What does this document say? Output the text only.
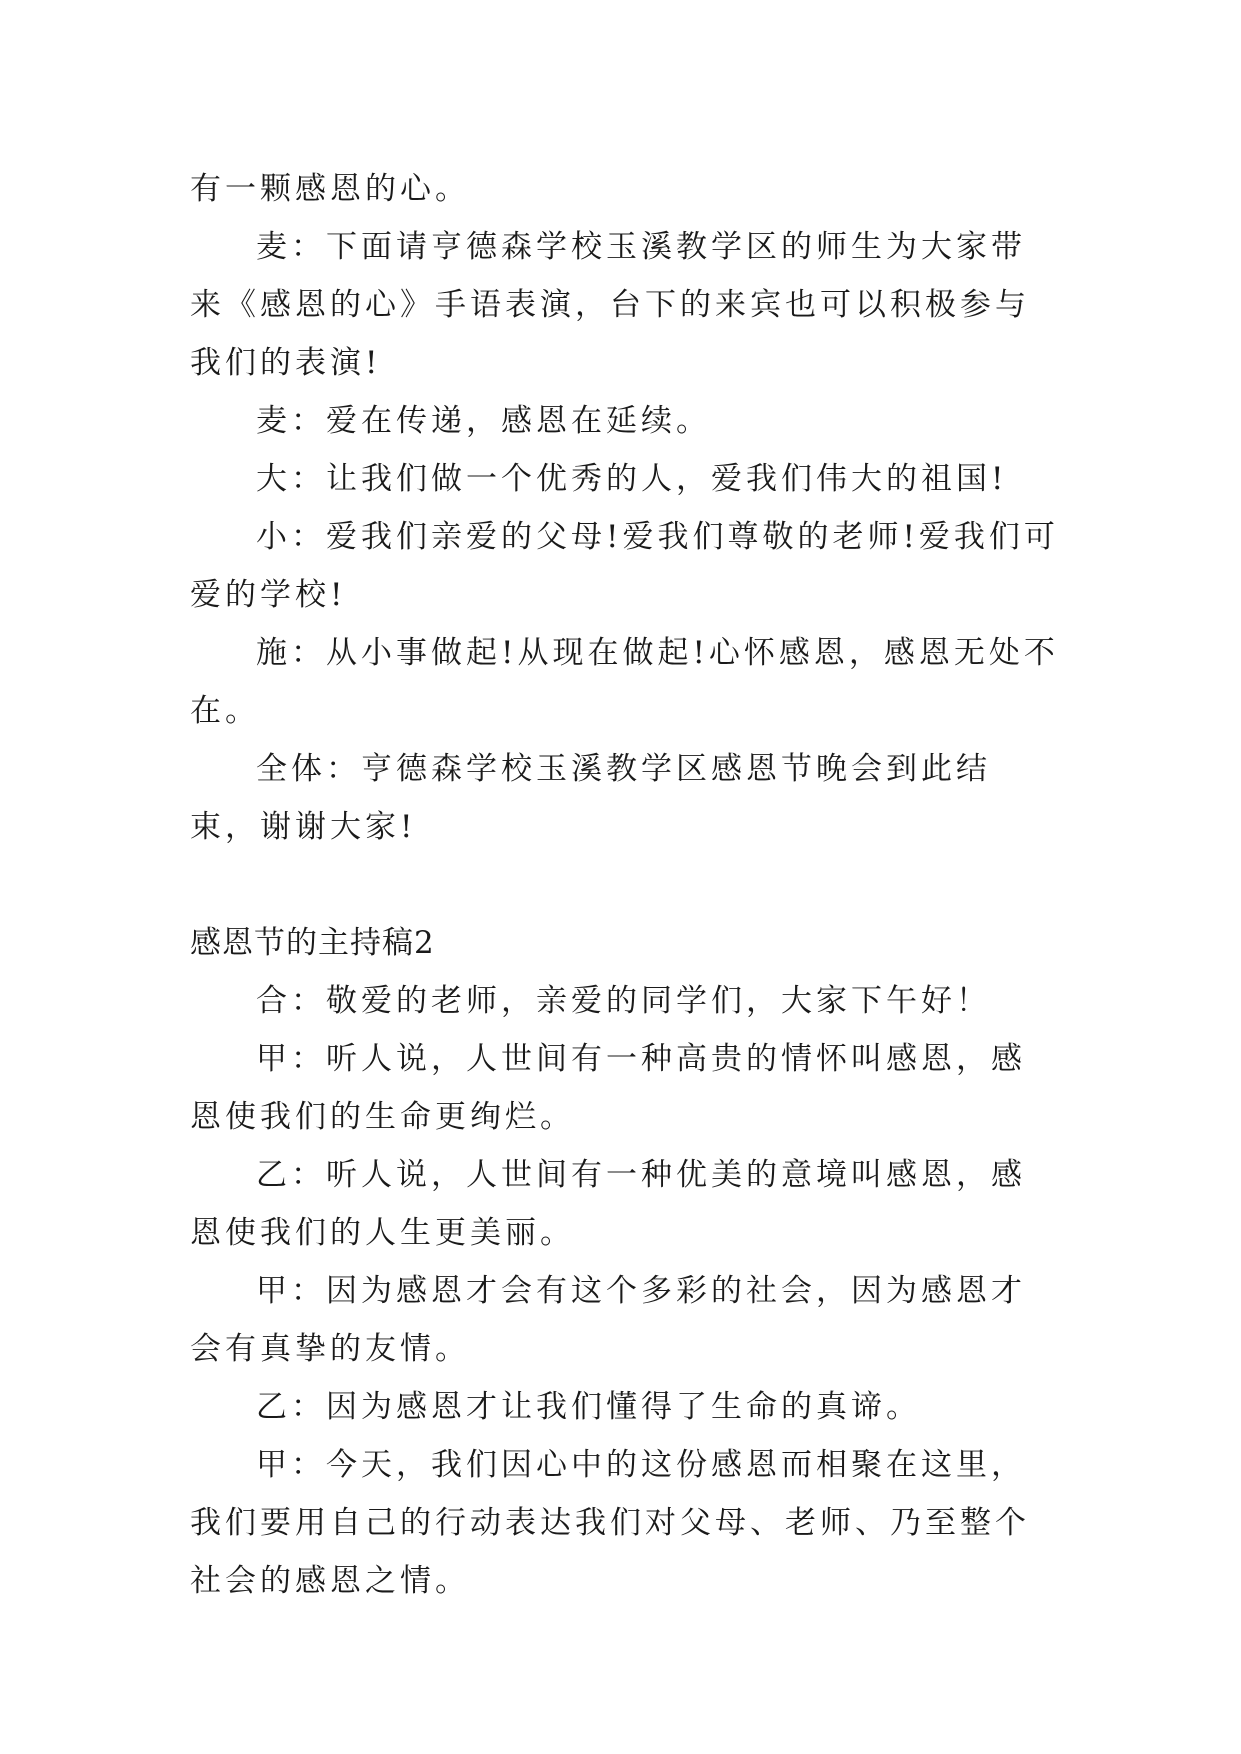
有一颗感恩的心。

麦：下面请亨德森学校玉溪教学区的师生为大家带来《感恩的心》手语表演，台下的来宾也可以积极参与我们的表演!

麦：爱在传递，感恩在延续。

大：让我们做一个优秀的人，爱我们伟大的祖国!

小：爱我们亲爱的父母!爱我们尊敬的老师!爱我们可爱的学校!

施：从小事做起!从现在做起!心怀感恩，感恩无处不在。

全体：亨德森学校玉溪教学区感恩节晚会到此结束，谢谢大家!

感恩节的主持稿2

合：敬爱的老师，亲爱的同学们，大家下午好！

甲：听人说，人世间有一种高贵的情怀叫感恩，感恩使我们的生命更绚烂。

乙：听人说，人世间有一种优美的意境叫感恩，感恩使我们的人生更美丽。

甲：因为感恩才会有这个多彩的社会，因为感恩才会有真挚的友情。

乙：因为感恩才让我们懂得了生命的真谛。

甲：今天，我们因心中的这份感恩而相聚在这里，我们要用自己的行动表达我们对父母、老师、乃至整个社会的感恩之情。
